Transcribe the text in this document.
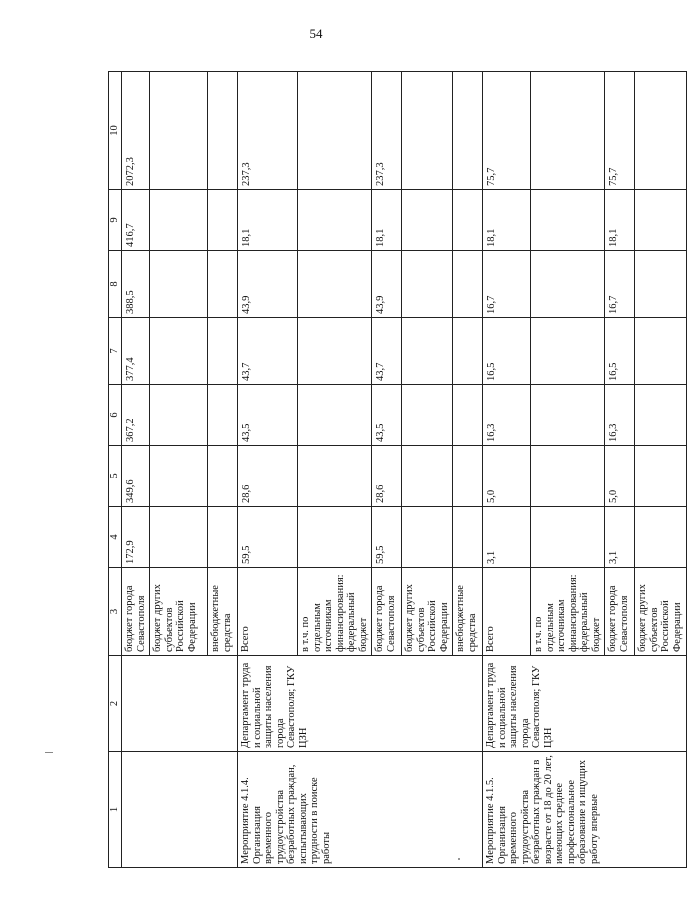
54
1	2	3	4	5	6	7	8	9	10
		бюджет города Севастополя	172,9	349,6	367,2	377,4	388,5	416,7	2072,3
		бюджет других субъектов Российской Федерации							
		внебюджетные средства							
Мероприятие 4.1.4. Организация временного трудоустройства безработных граждан, испытывающих трудности в поиске работы	Департамент труда и социальной защиты населения города Севастополя; ГКУ ЦЗН	Всего	59,5	28,6	43,5	43,7	43,9	18,1	237,3
		в т.ч. по отдельным источникам финансирования: федеральный бюджет							
		бюджет города Севастополя	59,5	28,6	43,5	43,7	43,9	18,1	237,3
		бюджет других субъектов Российской Федерации							
		внебюджетные средства							
Мероприятие 4.1.5. Организация временного трудоустройства безработных граждан в возрасте от 18 до 20 лет, имеющих среднее профессиональное образование и ищущих работу впервые	Департамент труда и социальной защиты населения города Севастополя; ГКУ ЦЗН	Всего	3,1	5,0	16,3	16,5	16,7	18,1	75,7
		в т.ч. по отдельным источникам финансирования: федеральный бюджет							
		бюджет города Севастополя	3,1	5,0	16,3	16,5	16,7	18,1	75,7
		бюджет других субъектов Российской Федерации							
